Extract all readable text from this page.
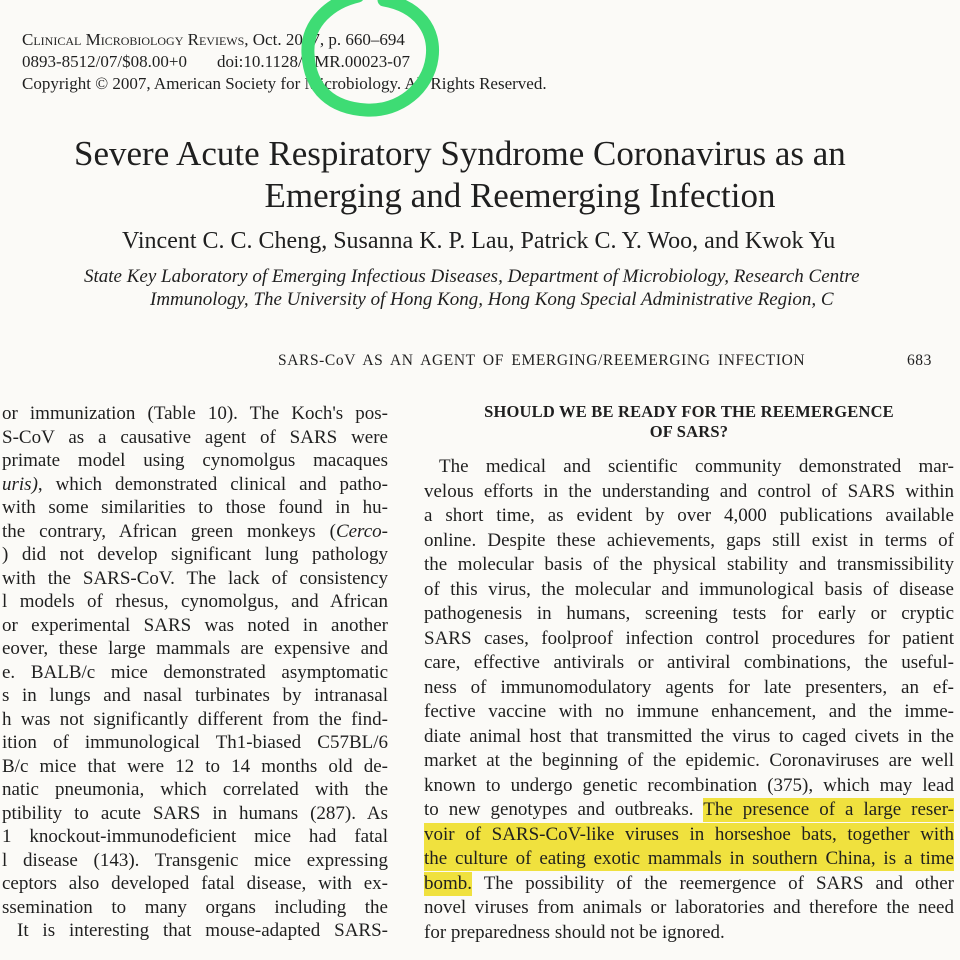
Clinical Microbiology Reviews, Oct. 2007, p. 660–694
0893-8512/07/$08.00+0 doi:10.1128/CMR.00023-07
Copyright © 2007, American Society for Microbiology. All Rights Reserved.
Severe Acute Respiratory Syndrome Coronavirus as an
Emerging and Reemerging Infection
Vincent C. C. Cheng, Susanna K. P. Lau, Patrick C. Y. Woo, and Kwok Yu
State Key Laboratory of Emerging Infectious Diseases, Department of Microbiology, Research Centre
Immunology, The University of Hong Kong, Hong Kong Special Administrative Region, C
SARS-CoV AS AN AGENT OF EMERGING/REEMERGING INFECTION	683
or immunization (Table 10). The Koch's pos-
S-CoV as a causative agent of SARS were
primate model using cynomolgus macaques
uris), which demonstrated clinical and patho-
with some similarities to those found in hu-
the contrary, African green monkeys (Cerco-
) did not develop significant lung pathology
with the SARS-CoV. The lack of consistency
l models of rhesus, cynomolgus, and African
or experimental SARS was noted in another
eover, these large mammals are expensive and
e. BALB/c mice demonstrated asymptomatic
s in lungs and nasal turbinates by intranasal
h was not significantly different from the find-
ition of immunological Th1-biased C57BL/6
B/c mice that were 12 to 14 months old de-
natic pneumonia, which correlated with the
ptibility to acute SARS in humans (287). As
1 knockout-immunodeficient mice had fatal
l disease (143). Transgenic mice expressing
ceptors also developed fatal disease, with ex-
ssemination to many organs including the
It is interesting that mouse-adapted SARS-
SHOULD WE BE READY FOR THE REEMERGENCE
OF SARS?
The medical and scientific community demonstrated mar-
velous efforts in the understanding and control of SARS within
a short time, as evident by over 4,000 publications available
online. Despite these achievements, gaps still exist in terms of
the molecular basis of the physical stability and transmissibility
of this virus, the molecular and immunological basis of disease
pathogenesis in humans, screening tests for early or cryptic
SARS cases, foolproof infection control procedures for patient
care, effective antivirals or antiviral combinations, the useful-
ness of immunomodulatory agents for late presenters, an ef-
fective vaccine with no immune enhancement, and the imme-
diate animal host that transmitted the virus to caged civets in the
market at the beginning of the epidemic. Coronaviruses are well
known to undergo genetic recombination (375), which may lead
to new genotypes and outbreaks. The presence of a large reser-
voir of SARS-CoV-like viruses in horseshoe bats, together with
the culture of eating exotic mammals in southern China, is a time
bomb. The possibility of the reemergence of SARS and other
novel viruses from animals or laboratories and therefore the need
for preparedness should not be ignored.
